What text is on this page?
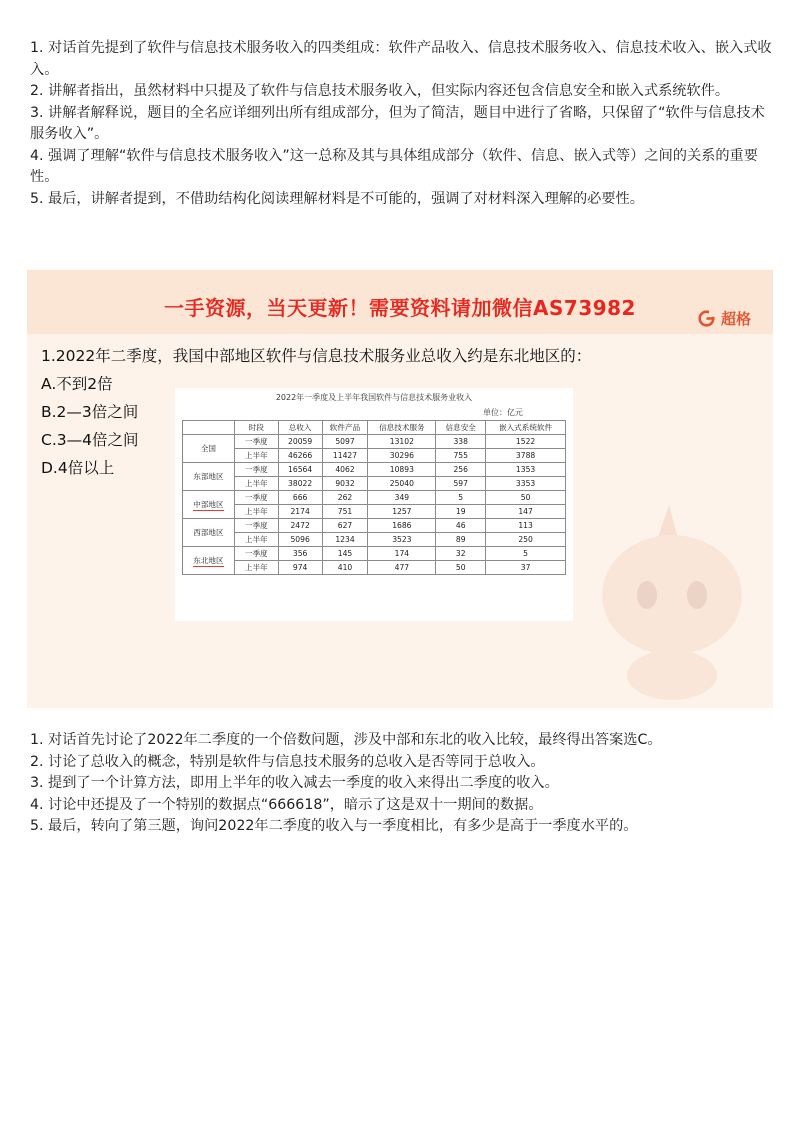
1. 对话首先提到了软件与信息技术服务收入的四类组成：软件产品收入、信息技术服务收入、信息技术收入、嵌入式收入。

2. 讲解者指出，虽然材料中只提及了软件与信息技术服务收入，但实际内容还包含信息安全和嵌入式系统软件。

3. 讲解者解释说，题目的全名应详细列出所有组成部分，但为了简洁，题目中进行了省略，只保留了“软件与信息技术服务收入”。

4. 强调了理解“软件与信息技术服务收入”这一总称及其与具体组成部分（软件、信息、嵌入式等）之间的关系的重要性。

5. 最后，讲解者提到，不借助结构化阅读理解材料是不可能的，强调了对材料深入理解的必要性。

一手资源，当天更新！需要资料请加微信AS73982	超格
1.2022年二季度，我国中部地区软件与信息技术服务业总收入约是东北地区的：
A.不到2倍
B.2—3倍之间
C.3—4倍之间
D.4倍以上
2022年一季度及上半年我国软件与信息技术服务业收入
单位：亿元
	时段	总收入	软件产品	信息技术服务	信息安全	嵌入式系统软件
全国	一季度	20059	5097	13102	338	1522
	上半年	46266	11427	30296	755	3788
东部地区	一季度	16564	4062	10893	256	1353
	上半年	38022	9032	25040	597	3353
中部地区	一季度	666	262	349	5	50
	上半年	2174	751	1257	19	147
西部地区	一季度	2472	627	1686	46	113
	上半年	5096	1234	3523	89	250
东北地区	一季度	356	145	174	32	5
	上半年	974	410	477	50	37

1. 对话首先讨论了2022年二季度的一个倍数问题，涉及中部和东北的收入比较，最终得出答案选C。

2. 讨论了总收入的概念，特别是软件与信息技术服务的总收入是否等同于总收入。

3. 提到了一个计算方法，即用上半年的收入减去一季度的收入来得出二季度的收入。

4. 讨论中还提及了一个特别的数据点“666618”，暗示了这是双十一期间的数据。

5. 最后，转向了第三题，询问2022年二季度的收入与一季度相比，有多少是高于一季度水平的。
